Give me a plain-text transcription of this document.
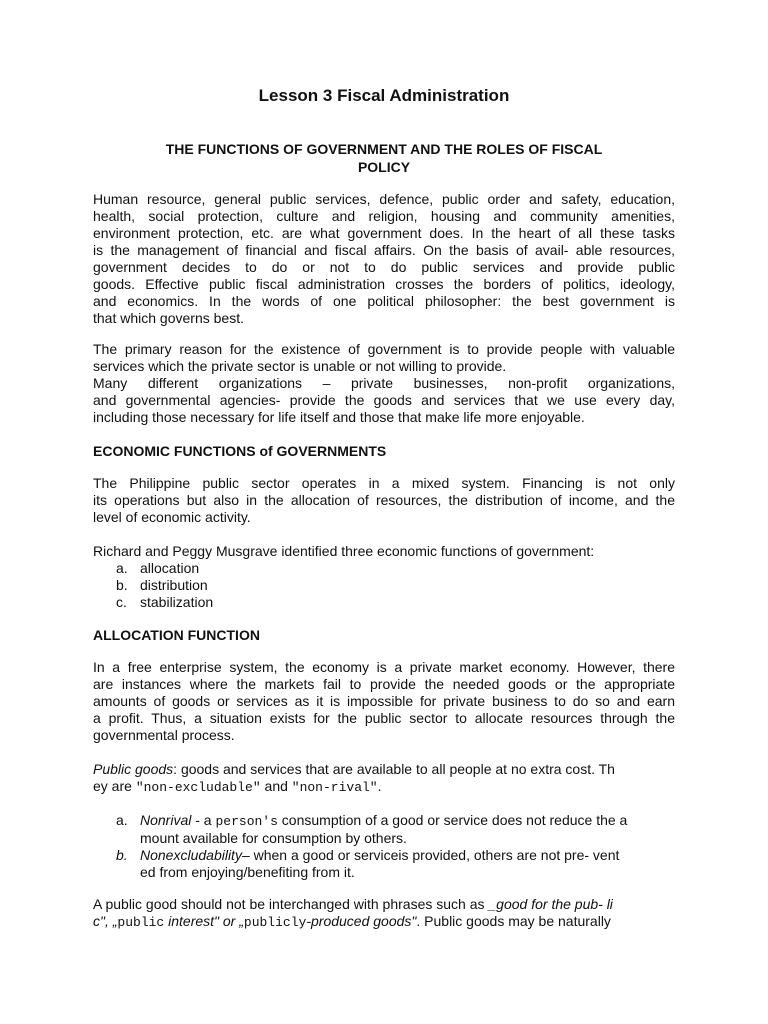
Lesson 3 Fiscal Administration
THE FUNCTIONS OF GOVERNMENT AND THE ROLES OF FISCAL
POLICY

Human resource, general public services, defence, public order and safety, education,
health, social protection, culture and religion, housing and community amenities,
environment protection, etc. are what government does. In the heart of all these tasks
is the management of financial and fiscal affairs. On the basis of avail- able resources,
government decides to do or not to do public services and provide public
goods. Effective public fiscal administration crosses the borders of politics, ideology,
and economics. In the words of one political philosopher: the best government is
that which governs best.

The primary reason for the existence of government is to provide people with valuable
services which the private sector is unable or not willing to provide.
Many different organizations – private businesses, non-profit organizations,
and governmental agencies- provide the goods and services that we use every day,
including those necessary for life itself and those that make life more enjoyable.

ECONOMIC FUNCTIONS of GOVERNMENTS

The Philippine public sector operates in a mixed system. Financing is not only
its operations but also in the allocation of resources, the distribution of income, and the
level of economic activity.

Richard and Peggy Musgrave identified three economic functions of government:

a. allocation
b. distribution
c. stabilization

ALLOCATION FUNCTION

In a free enterprise system, the economy is a private market economy. However, there
are instances where the markets fail to provide the needed goods or the appropriate
amounts of goods or services as it is impossible for private business to do so and earn
a profit. Thus, a situation exists for the public sector to allocate resources through the
governmental process.

Public goods: goods and services that are available to all people at no extra cost. Th
ey are "non-excludable" and "non-rival".

a. Nonrival - a person's consumption of a good or service does not reduce the a
mount available for consumption by others.
b. Nonexcludability– when a good or serviceis provided, others are not pre- vent
ed from enjoying/benefiting from it.

A public good should not be interchanged with phrases such as _good for the pub- li
c", „public interest" or „publicly-produced goods". Public goods may be naturally
